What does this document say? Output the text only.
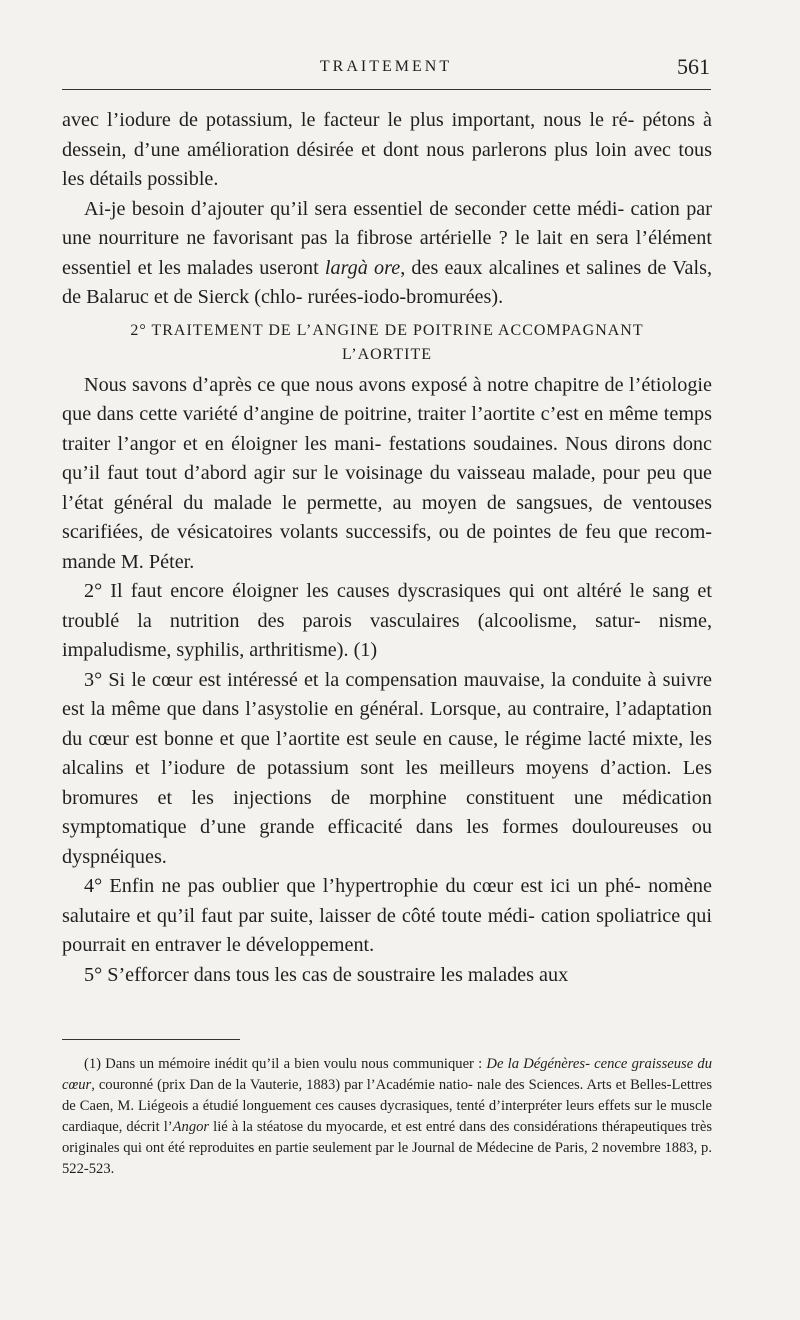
TRAITEMENT	561

avec l’iodure de potassium, le facteur le plus important, nous le ré- pétons à dessein, d’une amélioration désirée et dont nous parlerons plus loin avec tous les détails possible.

Ai-je besoin d’ajouter qu’il sera essentiel de seconder cette médi- cation par une nourriture ne favorisant pas la fibrose artérielle ? le lait en sera l’élément essentiel et les malades useront largà ore, des eaux alcalines et salines de Vals, de Balaruc et de Sierck (chlo- rurées-iodo-bromurées).

2° TRAITEMENT DE L’ANGINE DE POITRINE ACCOMPAGNANT
L’AORTITE

Nous savons d’après ce que nous avons exposé à notre chapitre de l’étiologie que dans cette variété d’angine de poitrine, traiter l’aortite c’est en même temps traiter l’angor et en éloigner les mani- festations soudaines. Nous dirons donc qu’il faut tout d’abord agir sur le voisinage du vaisseau malade, pour peu que l’état général du malade le permette, au moyen de sangsues, de ventouses scarifiées, de vésicatoires volants successifs, ou de pointes de feu que recom- mande M. Péter.

2° Il faut encore éloigner les causes dyscrasiques qui ont altéré le sang et troublé la nutrition des parois vasculaires (alcoolisme, satur- nisme, impaludisme, syphilis, arthritisme). (1)

3° Si le cœur est intéressé et la compensation mauvaise, la conduite à suivre est la même que dans l’asystolie en général. Lorsque, au contraire, l’adaptation du cœur est bonne et que l’aortite est seule en cause, le régime lacté mixte, les alcalins et l’iodure de potassium sont les meilleurs moyens d’action. Les bromures et les injections de morphine constituent une médication symptomatique d’une grande efficacité dans les formes douloureuses ou dyspnéiques.

4° Enfin ne pas oublier que l’hypertrophie du cœur est ici un phé- nomène salutaire et qu’il faut par suite, laisser de côté toute médi- cation spoliatrice qui pourrait en entraver le développement.

5° S’efforcer dans tous les cas de soustraire les malades aux

(1) Dans un mémoire inédit qu’il a bien voulu nous communiquer : De la Dégénères- cence graisseuse du cœur, couronné (prix Dan de la Vauterie, 1883) par l’Académie natio- nale des Sciences. Arts et Belles-Lettres de Caen, M. Liégeois a étudié longuement ces causes dycrasiques, tenté d’interpréter leurs effets sur le muscle cardiaque, décrit l’Angor lié à la stéatose du myocarde, et est entré dans des considérations thérapeutiques très originales qui ont été reproduites en partie seulement par le Journal de Médecine de Paris, 2 novembre 1883, p. 522-523.
